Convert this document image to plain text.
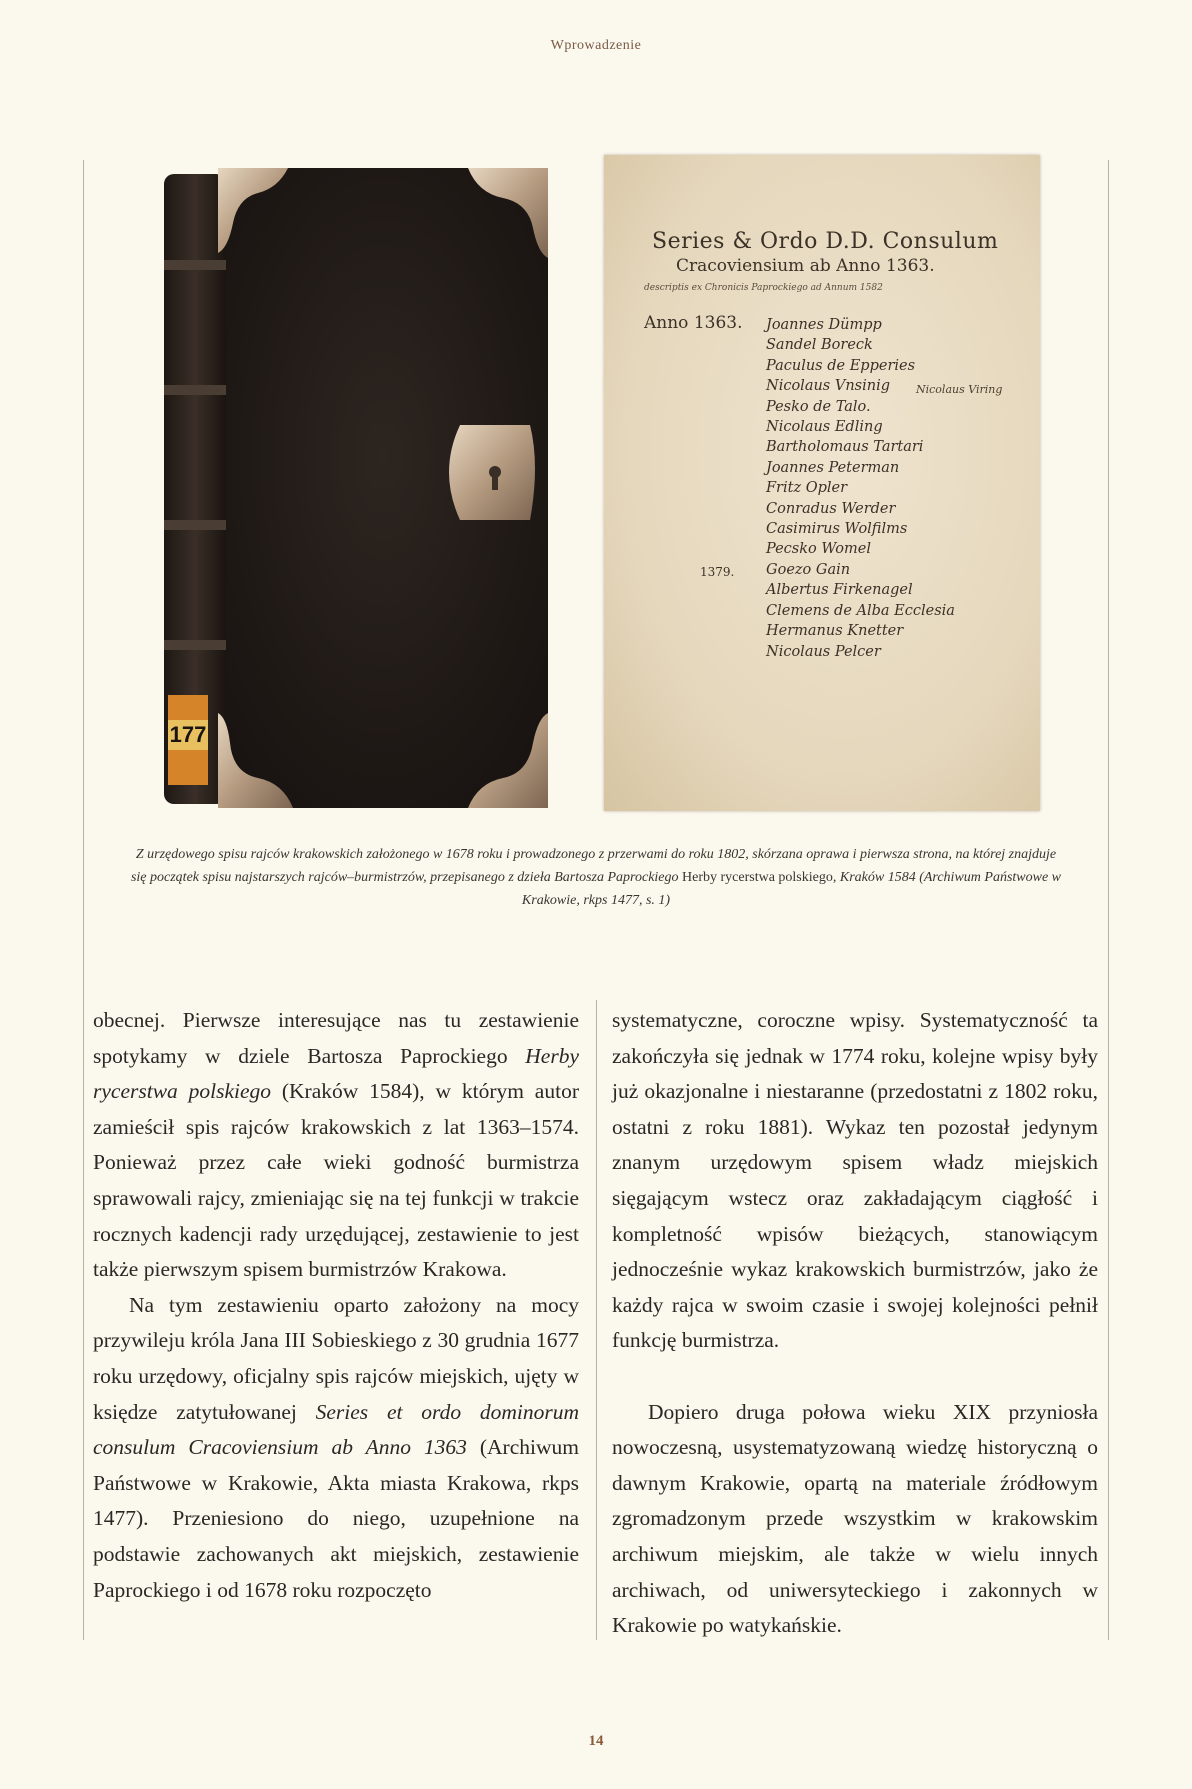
Wprowadzenie
177
Series & Ordo D.D. Consulum
Cracoviensium ab Anno 1363.
descriptis ex Chronicis Paprockiego ad Annum 1582
Anno 1363.
1379.
Joannes Dümpp
Sandel Boreck
Paculus de Epperies
Nicolaus Vnsinig
Pesko de Talo.
Nicolaus Edling
Bartholomaus Tartari
Joannes Peterman
Fritz Opler
Conradus Werder
Casimirus Wolfilms
Pecsko Womel
Goezo Gain
Albertus Firkenagel
Clemens de Alba Ecclesia
Hermanus Knetter
Nicolaus Pelcer
Nicolaus Viring
Z urzędowego spisu rajców krakowskich założonego w 1678 roku i prowadzonego z przerwami do roku 1802, skórzana oprawa i pierwsza strona, na której znajduje się początek spisu najstarszych rajców–burmistrzów, przepisanego z dzieła Bartosza Paprockiego Herby rycerstwa polskiego, Kraków 1584 (Archiwum Państwowe w Krakowie, rkps 1477, s. 1)

obecnej. Pierwsze interesujące nas tu zestawienie spotykamy w dziele Bartosza Paprockiego Herby rycerstwa polskiego (Kraków 1584), w którym autor zamieścił spis rajców krakowskich z lat 1363–1574. Ponieważ przez całe wieki godność burmistrza sprawowali rajcy, zmieniając się na tej funkcji w trakcie rocznych kadencji rady urzędującej, zestawienie to jest także pierwszym spisem burmistrzów Krakowa.

Na tym zestawieniu oparto założony na mocy przywileju króla Jana III Sobieskiego z 30 grudnia 1677 roku urzędowy, oficjalny spis rajców miejskich, ujęty w księdze zatytułowanej Series et ordo dominorum consulum Cracoviensium ab Anno 1363 (Archiwum Państwowe w Krakowie, Akta miasta Krakowa, rkps 1477). Przeniesiono do niego, uzupełnione na podstawie zachowanych akt miejskich, zestawienie Paprockiego i od 1678 roku rozpoczęto

systematyczne, coroczne wpisy. Systematyczność ta zakończyła się jednak w 1774 roku, kolejne wpisy były już okazjonalne i niestaranne (przedostatni z 1802 roku, ostatni z roku 1881). Wykaz ten pozostał jedynym znanym urzędowym spisem władz miejskich sięgającym wstecz oraz zakładającym ciągłość i kompletność wpisów bieżących, stanowiącym jednocześnie wykaz krakowskich burmistrzów, jako że każdy rajca w swoim czasie i swojej kolejności pełnił funkcję burmistrza.

Dopiero druga połowa wieku XIX przyniosła nowoczesną, usystematyzowaną wiedzę historyczną o dawnym Krakowie, opartą na materiale źródłowym zgromadzonym przede wszystkim w krakowskim archiwum miejskim, ale także w wielu innych archiwach, od uniwersyteckiego i zakonnych w Krakowie po watykańskie.

14
